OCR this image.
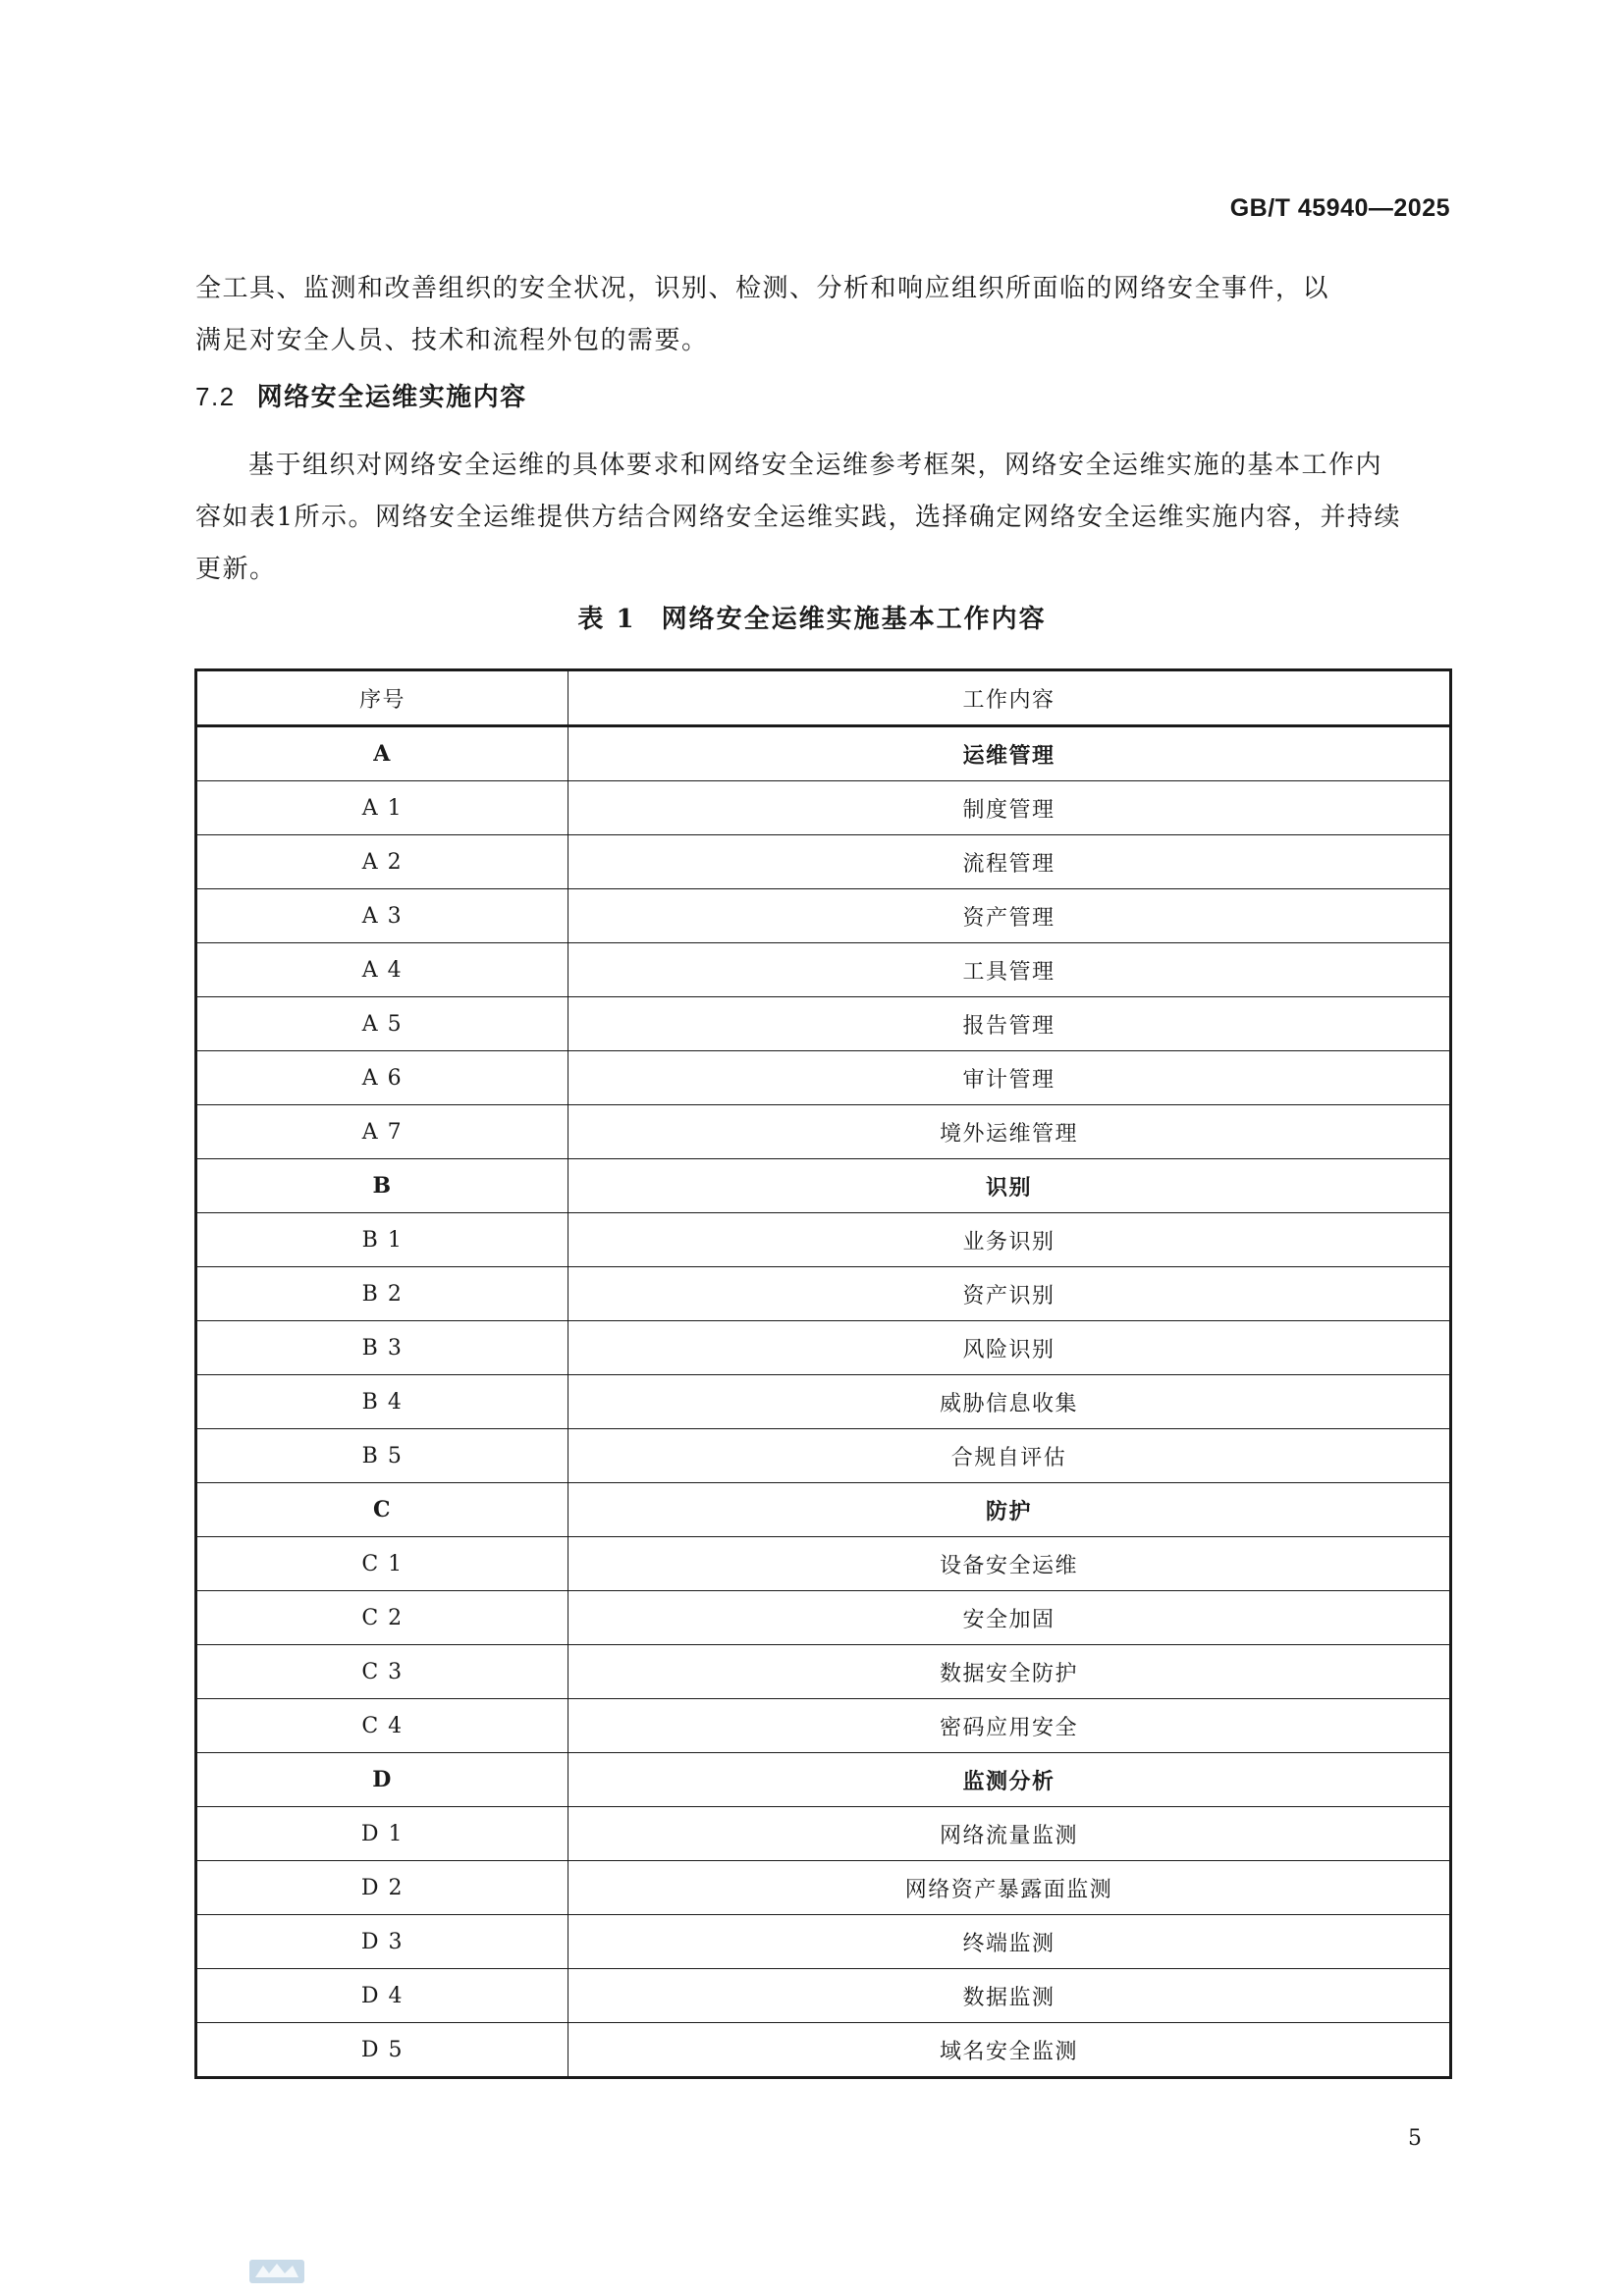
GB/T 45940—2025

全工具、监测和改善组织的安全状况，识别、检测、分析和响应组织所面临的网络安全事件，以
满足对安全人员、技术和流程外包的需要。

7.2 网络安全运维实施内容

基于组织对网络安全运维的具体要求和网络安全运维参考框架，网络安全运维实施的基本工作内
容如表1所示。网络安全运维提供方结合网络安全运维实践，选择确定网络安全运维实施内容，并持续
更新。

表 1 网络安全运维实施基本工作内容
序号	工作内容
A	运维管理
A 1	制度管理
A 2	流程管理
A 3	资产管理
A 4	工具管理
A 5	报告管理
A 6	审计管理
A 7	境外运维管理
B	识别
B 1	业务识别
B 2	资产识别
B 3	风险识别
B 4	威胁信息收集
B 5	合规自评估
C	防护
C 1	设备安全运维
C 2	安全加固
C 3	数据安全防护
C 4	密码应用安全
D	监测分析
D 1	网络流量监测
D 2	网络资产暴露面监测
D 3	终端监测
D 4	数据监测
D 5	域名安全监测
5
